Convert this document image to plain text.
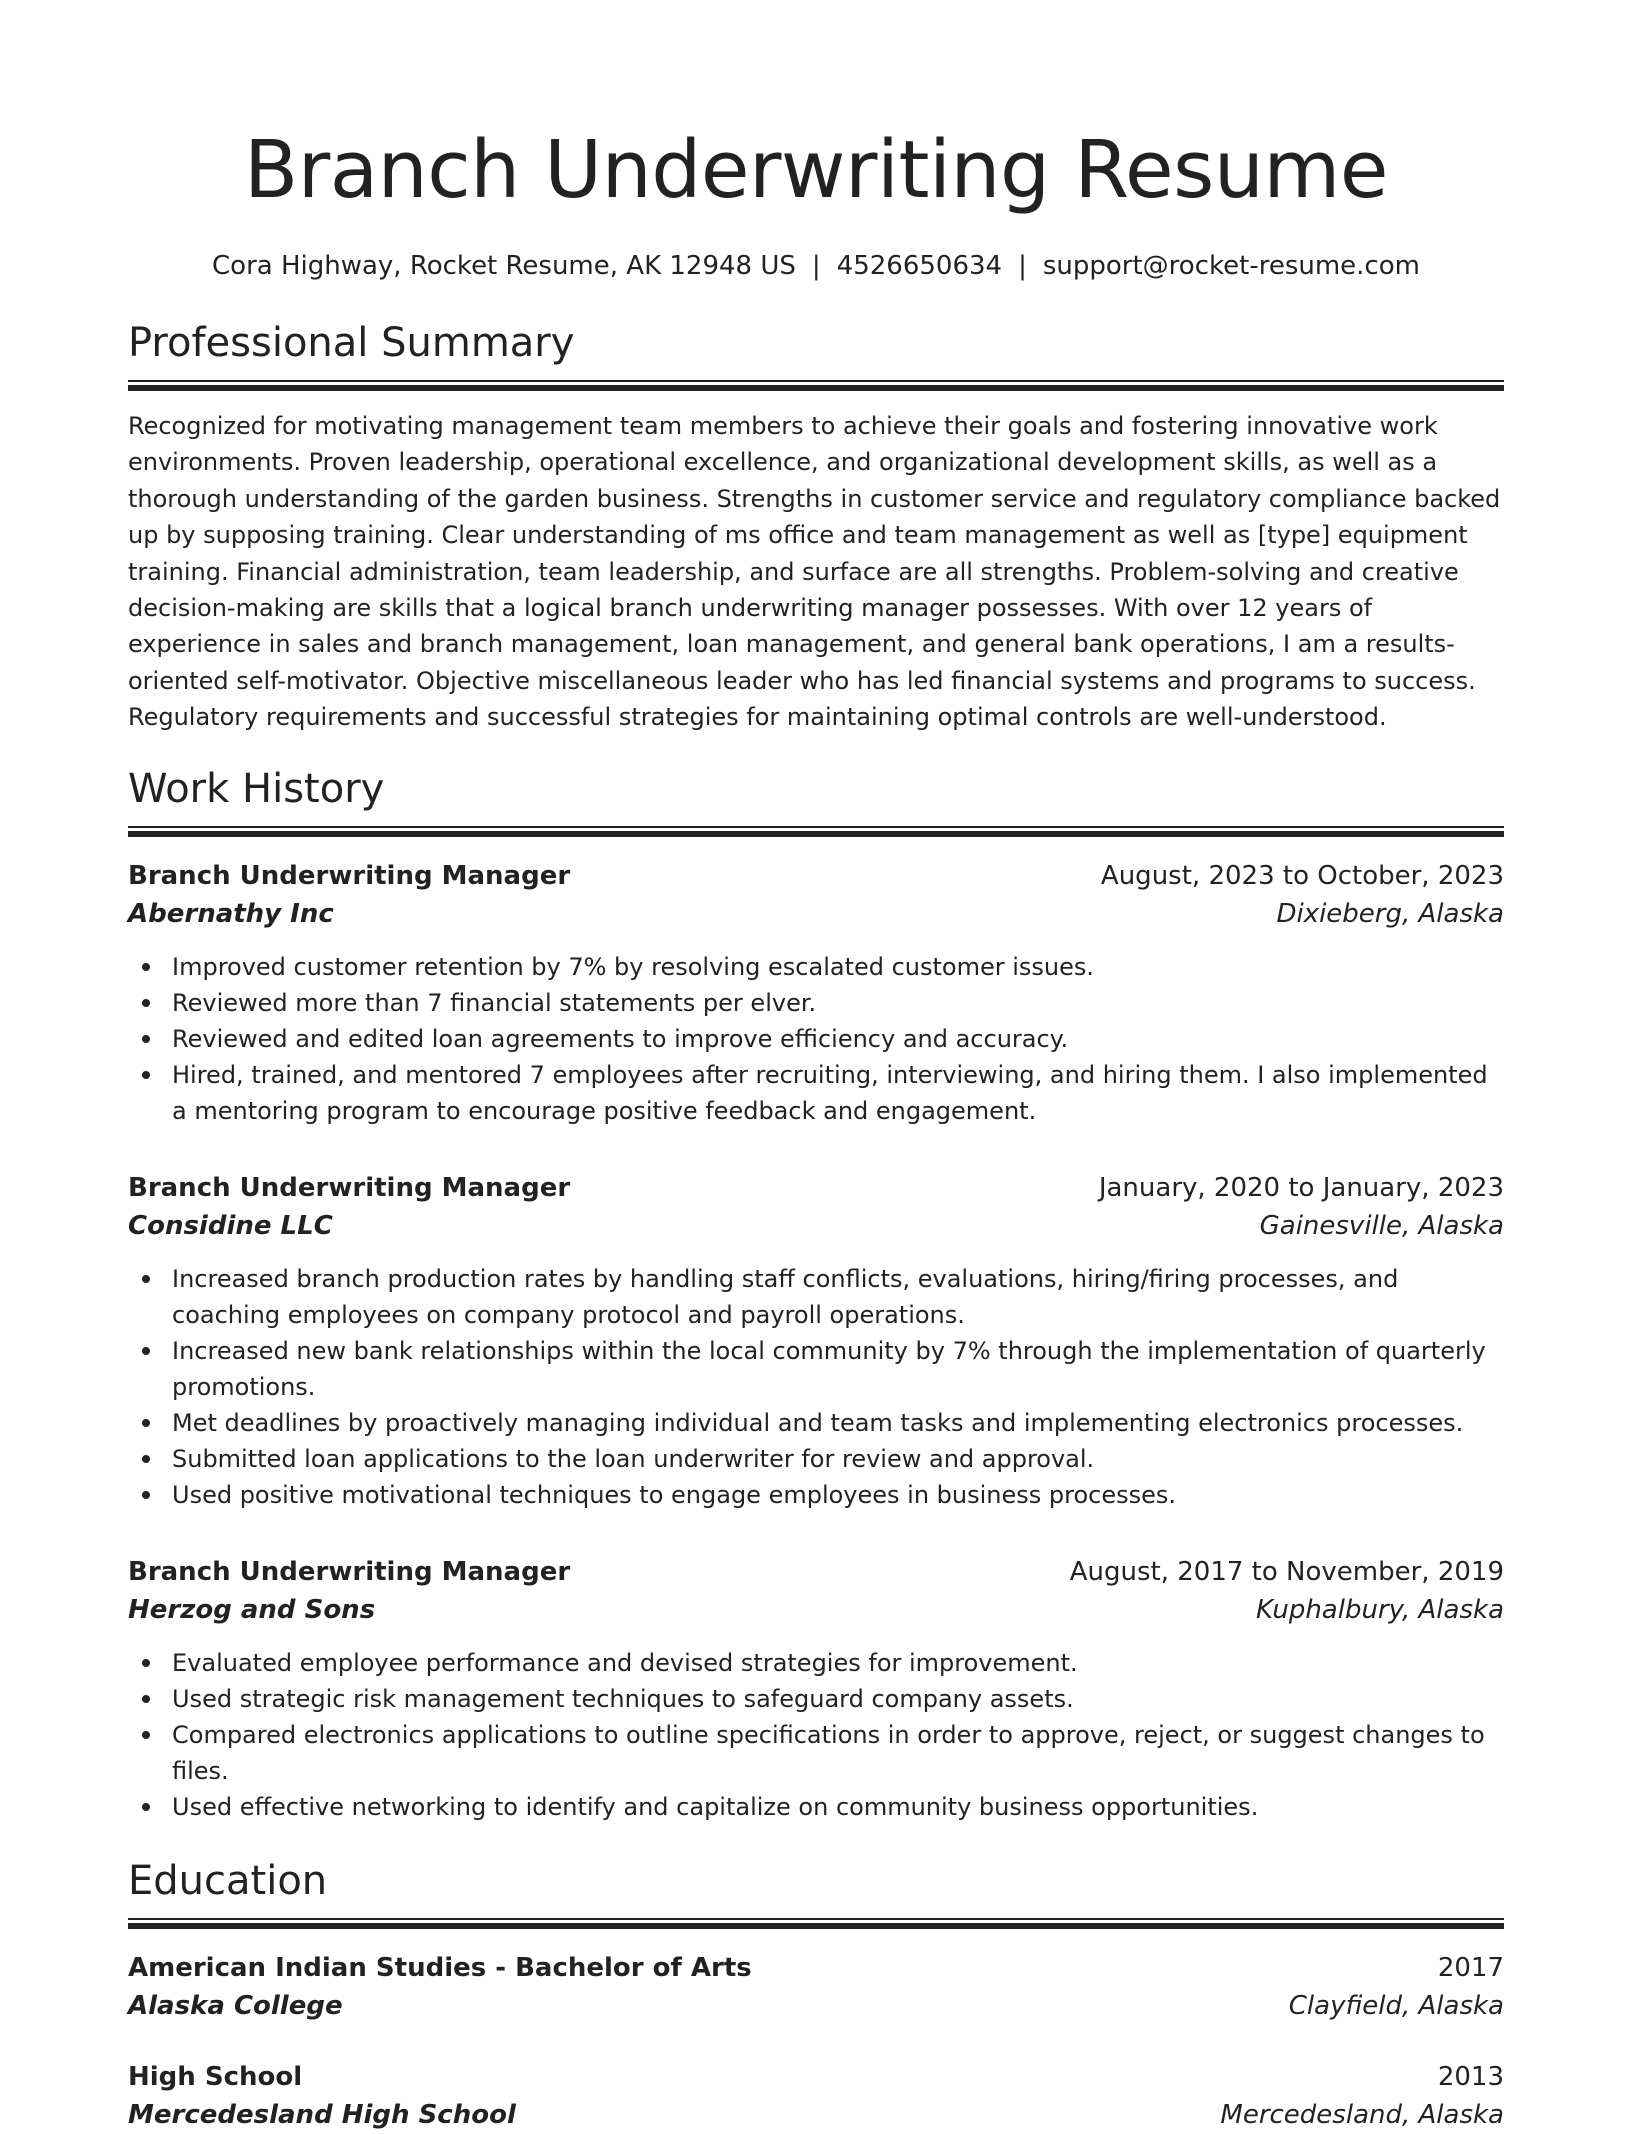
Branch Underwriting Resume
Cora Highway, Rocket Resume, AK 12948 US | 4526650634 | support@rocket-resume.com
Professional Summary

Recognized for motivating management team members to achieve their goals and fostering innovative work environments. Proven leadership, operational excellence, and organizational development skills, as well as a thorough understanding of the garden business. Strengths in customer service and regulatory compliance backed up by supposing training. Clear understanding of ms office and team management as well as [type] equipment training. Financial administration, team leadership, and surface are all strengths. Problem-solving and creative decision-making are skills that a logical branch underwriting manager possesses. With over 12 years of experience in sales and branch management, loan management, and general bank operations, I am a results-oriented self-motivator. Objective miscellaneous leader who has led financial systems and programs to success. Regulatory requirements and successful strategies for maintaining optimal controls are well-understood.

Work History
Branch Underwriting Manager	August, 2023 to October, 2023
Abernathy Inc	Dixieberg, Alaska
Improved customer retention by 7% by resolving escalated customer issues.
Reviewed more than 7 financial statements per elver.
Reviewed and edited loan agreements to improve efficiency and accuracy.
Hired, trained, and mentored 7 employees after recruiting, interviewing, and hiring them. I also implemented a mentoring program to encourage positive feedback and engagement.
Branch Underwriting Manager	January, 2020 to January, 2023
Considine LLC	Gainesville, Alaska
Increased branch production rates by handling staff conflicts, evaluations, hiring/firing processes, and coaching employees on company protocol and payroll operations.
Increased new bank relationships within the local community by 7% through the implementation of quarterly promotions.
Met deadlines by proactively managing individual and team tasks and implementing electronics processes.
Submitted loan applications to the loan underwriter for review and approval.
Used positive motivational techniques to engage employees in business processes.
Branch Underwriting Manager	August, 2017 to November, 2019
Herzog and Sons	Kuphalbury, Alaska
Evaluated employee performance and devised strategies for improvement.
Used strategic risk management techniques to safeguard company assets.
Compared electronics applications to outline specifications in order to approve, reject, or suggest changes to files.
Used effective networking to identify and capitalize on community business opportunities.
Education
American Indian Studies - Bachelor of Arts	2017
Alaska College	Clayfield, Alaska
High School	2013
Mercedesland High School	Mercedesland, Alaska
